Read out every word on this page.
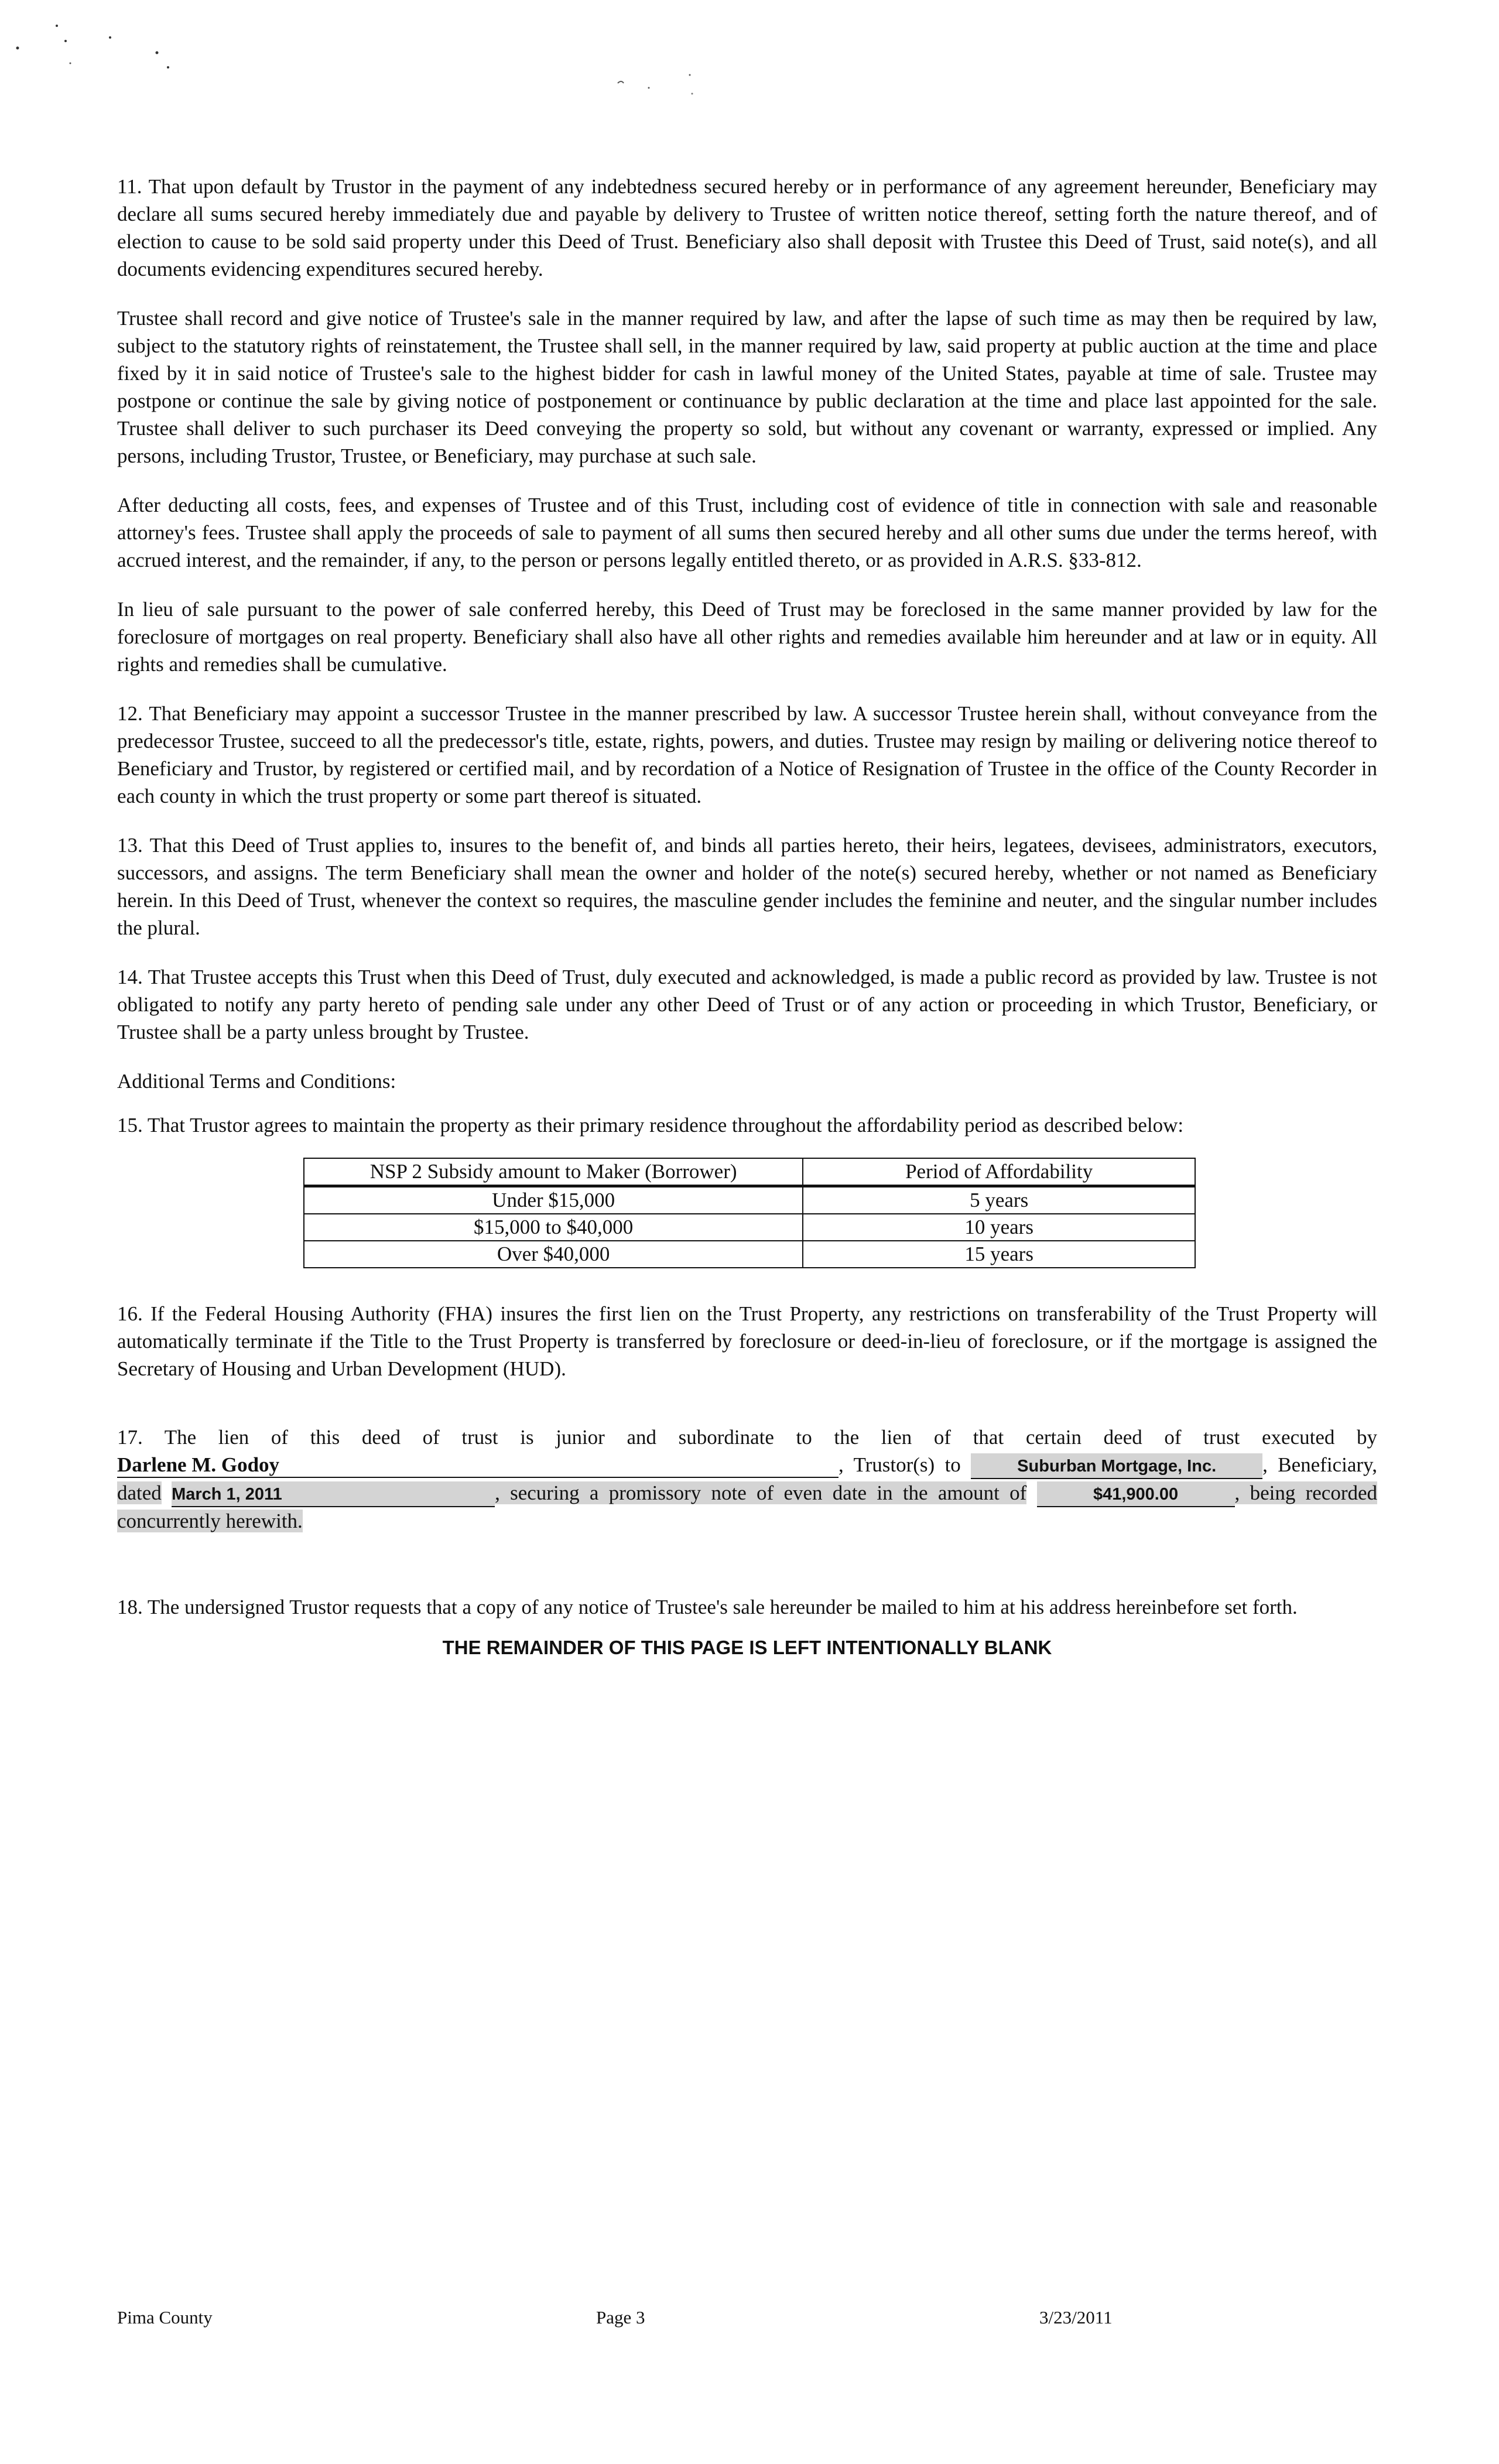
11. That upon default by Trustor in the payment of any indebtedness secured hereby or in performance of any agreement hereunder, Beneficiary may declare all sums secured hereby immediately due and payable by delivery to Trustee of written notice thereof, setting forth the nature thereof, and of election to cause to be sold said property under this Deed of Trust. Beneficiary also shall deposit with Trustee this Deed of Trust, said note(s), and all documents evidencing expenditures secured hereby.

Trustee shall record and give notice of Trustee's sale in the manner required by law, and after the lapse of such time as may then be required by law, subject to the statutory rights of reinstatement, the Trustee shall sell, in the manner required by law, said property at public auction at the time and place fixed by it in said notice of Trustee's sale to the highest bidder for cash in lawful money of the United States, payable at time of sale. Trustee may postpone or continue the sale by giving notice of postponement or continuance by public declaration at the time and place last appointed for the sale. Trustee shall deliver to such purchaser its Deed conveying the property so sold, but without any covenant or warranty, expressed or implied. Any persons, including Trustor, Trustee, or Beneficiary, may purchase at such sale.

After deducting all costs, fees, and expenses of Trustee and of this Trust, including cost of evidence of title in connection with sale and reasonable attorney's fees. Trustee shall apply the proceeds of sale to payment of all sums then secured hereby and all other sums due under the terms hereof, with accrued interest, and the remainder, if any, to the person or persons legally entitled thereto, or as provided in A.R.S. §33-812.

In lieu of sale pursuant to the power of sale conferred hereby, this Deed of Trust may be foreclosed in the same manner provided by law for the foreclosure of mortgages on real property. Beneficiary shall also have all other rights and remedies available him hereunder and at law or in equity. All rights and remedies shall be cumulative.

12. That Beneficiary may appoint a successor Trustee in the manner prescribed by law. A successor Trustee herein shall, without conveyance from the predecessor Trustee, succeed to all the predecessor's title, estate, rights, powers, and duties. Trustee may resign by mailing or delivering notice thereof to Beneficiary and Trustor, by registered or certified mail, and by recordation of a Notice of Resignation of Trustee in the office of the County Recorder in each county in which the trust property or some part thereof is situated.

13. That this Deed of Trust applies to, insures to the benefit of, and binds all parties hereto, their heirs, legatees, devisees, administrators, executors, successors, and assigns. The term Beneficiary shall mean the owner and holder of the note(s) secured hereby, whether or not named as Beneficiary herein. In this Deed of Trust, whenever the context so requires, the masculine gender includes the feminine and neuter, and the singular number includes the plural.

14. That Trustee accepts this Trust when this Deed of Trust, duly executed and acknowledged, is made a public record as provided by law. Trustee is not obligated to notify any party hereto of pending sale under any other Deed of Trust or of any action or proceeding in which Trustor, Beneficiary, or Trustee shall be a party unless brought by Trustee.

Additional Terms and Conditions:

15. That Trustor agrees to maintain the property as their primary residence throughout the affordability period as described below:

NSP 2 Subsidy amount to Maker (Borrower)	Period of Affordability
Under $15,000	5 years
$15,000 to $40,000	10 years
Over $40,000	15 years

16. If the Federal Housing Authority (FHA) insures the first lien on the Trust Property, any restrictions on transferability of the Trust Property will automatically terminate if the Title to the Trust Property is transferred by foreclosure or deed-in-lieu of foreclosure, or if the mortgage is assigned the Secretary of Housing and Urban Development (HUD).

17. The lien of this deed of trust is junior and subordinate to the lien of that certain deed of trust executed by Darlene M. Godoy	, Trustor(s) to	Suburban Mortgage, Inc. , Beneficiary, dated March 1, 2011	, securing a promissory note of even date in the amount of	$41,900.00	, being recorded concurrently herewith.

18. The undersigned Trustor requests that a copy of any notice of Trustee's sale hereunder be mailed to him at his address hereinbefore set forth.

THE REMAINDER OF THIS PAGE IS LEFT INTENTIONALLY BLANK
Pima County	Page 3	3/23/2011
